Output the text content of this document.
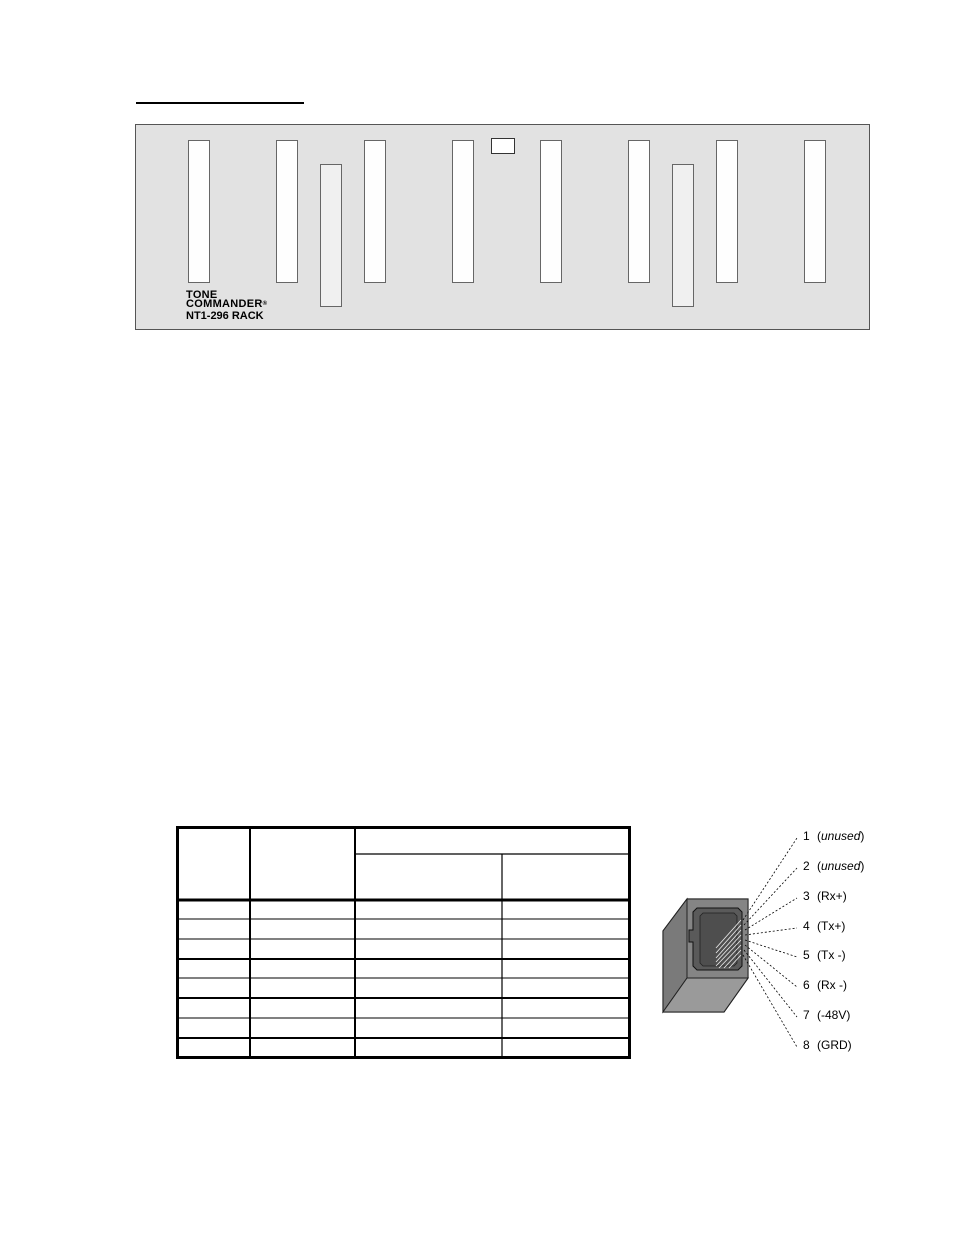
TONE
COMMANDER®
NT1-296 RACK
1 (unused)
2 (unused)
3 (Rx+)
4 (Tx+)
5 (Tx -)
6 (Rx -)
7 (-48V)
8 (GRD)
